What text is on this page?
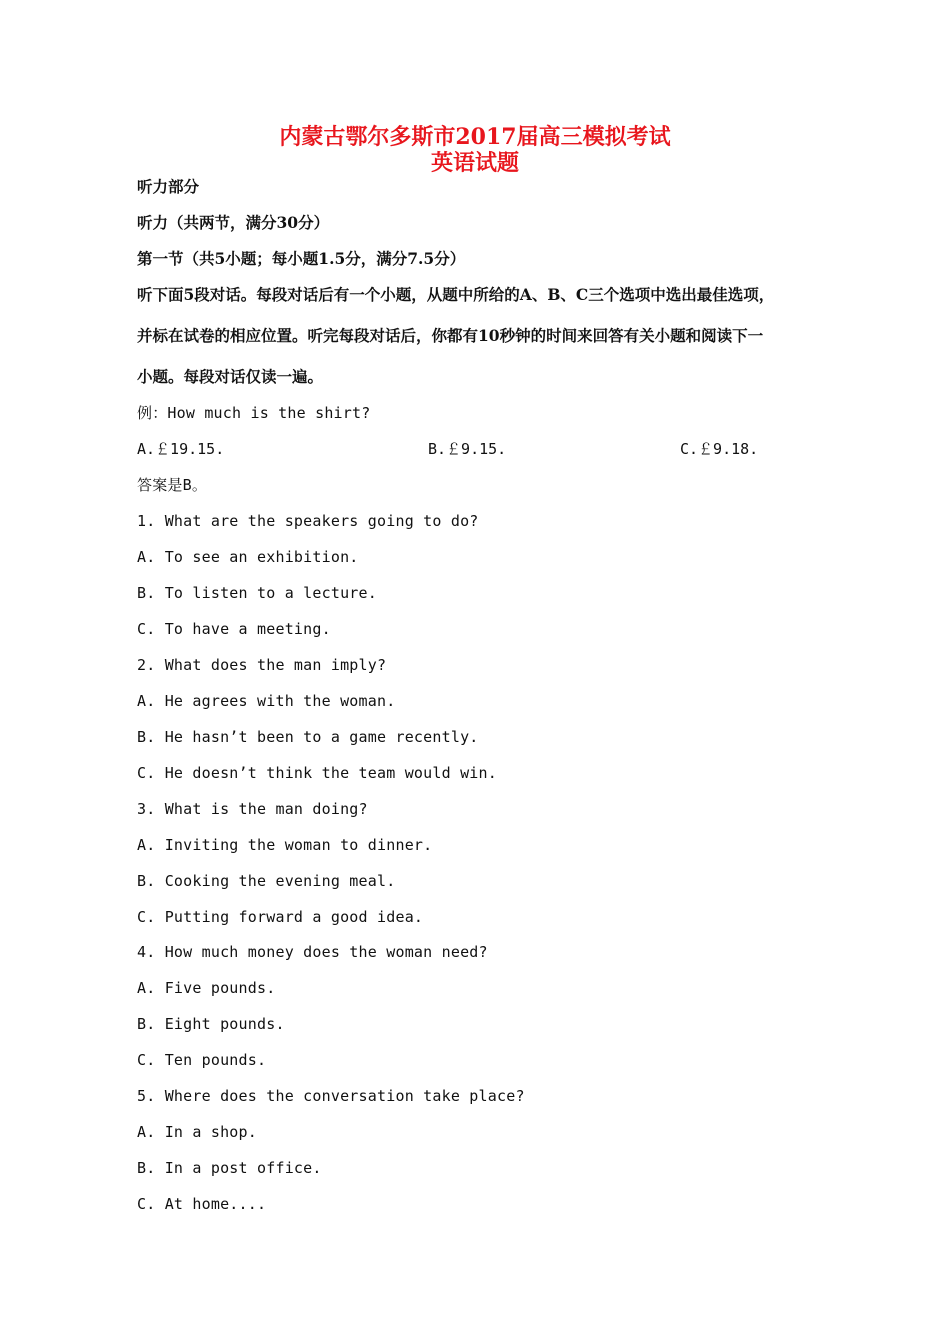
内蒙古鄂尔多斯市2017届高三模拟考试
英语试题

听力部分

听力（共两节，满分30分）

第一节（共5小题；每小题1.5分，满分7.5分）

听下面5段对话。每段对话后有一个小题，从题中所给的A、B、C三个选项中选出最佳选项，

并标在试卷的相应位置。听完每段对话后，你都有10秒钟的时间来回答有关小题和阅读下一

小题。每段对话仅读一遍。

例：How much is the shirt?

A.￡19.15.	B.￡9.15.	C.￡9.18.

答案是B。

1. What are the speakers going to do?

A. To see an exhibition.

B. To listen to a lecture.

C. To have a meeting.

2. What does the man imply?

A. He agrees with the woman.

B. He hasn’t been to a game recently.

C. He doesn’t think the team would win.

3. What is the man doing?

A. Inviting the woman to dinner.

B. Cooking the evening meal.

C. Putting forward a good idea.

4. How much money does the woman need?

A. Five pounds.

B. Eight pounds.

C. Ten pounds.

5. Where does the conversation take place?

A. In a shop.

B. In a post office.

C. At home....
